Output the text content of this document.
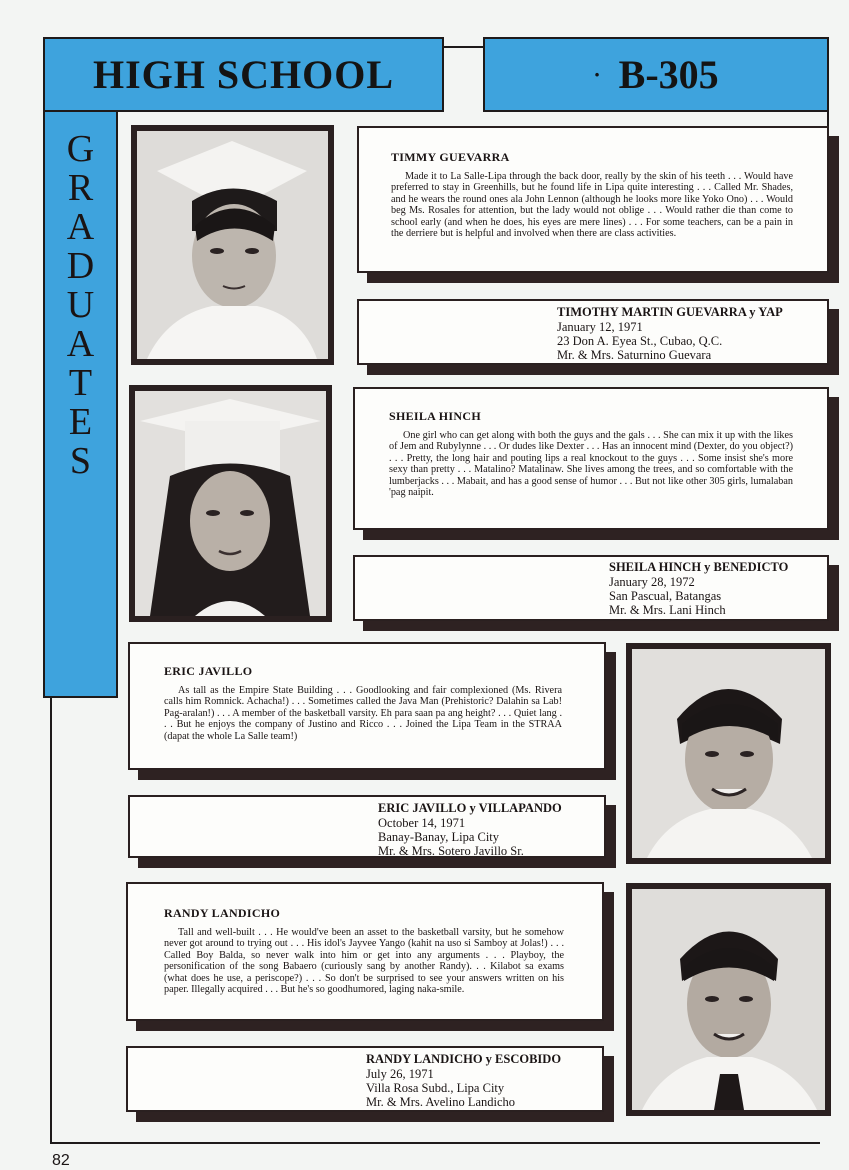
HIGH SCHOOL	· B-305
G
R
A
D
U
A
T
E
S

TIMMY GUEVARRA

Made it to La Salle-Lipa through the back door, really by the skin of his teeth . . . Would have preferred to stay in Greenhills, but he found life in Lipa quite interesting . . . Called Mr. Shades, and he wears the round ones ala John Lennon (although he looks more like Yoko Ono) . . . Would beg Ms. Rosales for attention, but the lady would not oblige . . . Would rather die than come to school early (and when he does, his eyes are mere lines) . . . For some teachers, can be a pain in the derriere but is helpful and involved when there are class activities.

TIMOTHY MARTIN GUEVARRA y YAP
January 12, 1971
23 Don A. Eyea St., Cubao, Q.C.
Mr. & Mrs. Saturnino Guevara

SHEILA HINCH

One girl who can get along with both the guys and the gals . . . She can mix it up with the likes of Jem and Rubylynne . . . Or dudes like Dexter . . . Has an innocent mind (Dexter, do you object?) . . . Pretty, the long hair and pouting lips a real knockout to the guys . . . Some insist she's more sexy than pretty . . . Matalino? Matalinaw. She lives among the trees, and so comfortable with the lumberjacks . . . Mabait, and has a good sense of humor . . . But not like other 305 girls, lumalaban 'pag naipit.

SHEILA HINCH y BENEDICTO
January 28, 1972
San Pascual, Batangas
Mr. & Mrs. Lani Hinch

ERIC JAVILLO

As tall as the Empire State Building . . . Goodlooking and fair complexioned (Ms. Rivera calls him Romnick. Achacha!) . . . Sometimes called the Java Man (Prehistoric? Dalahin sa Lab! Pag-aralan!) . . . A member of the basketball varsity. Eh para saan pa ang height? . . . Quiet lang . . . But he enjoys the company of Justino and Ricco . . . Joined the Lipa Team in the STRAA (dapat the whole La Salle team!)

ERIC JAVILLO y VILLAPANDO
October 14, 1971
Banay-Banay, Lipa City
Mr. & Mrs. Sotero Javillo Sr.

RANDY LANDICHO

Tall and well-built . . . He would've been an asset to the basketball varsity, but he somehow never got around to trying out . . . His idol's Jayvee Yango (kahit na uso si Samboy at Jolas!) . . . Called Boy Balda, so never walk into him or get into any arguments . . . Playboy, the personification of the song Babaero (curiously sang by another Randy). . . Kilabot sa exams (what does he use, a periscope?) . . . So don't be surprised to see your answers written on his paper. Illegally acquired . . . But he's so goodhumored, laging naka-smile.

RANDY LANDICHO y ESCOBIDO
July 26, 1971
Villa Rosa Subd., Lipa City
Mr. & Mrs. Avelino Landicho
82
